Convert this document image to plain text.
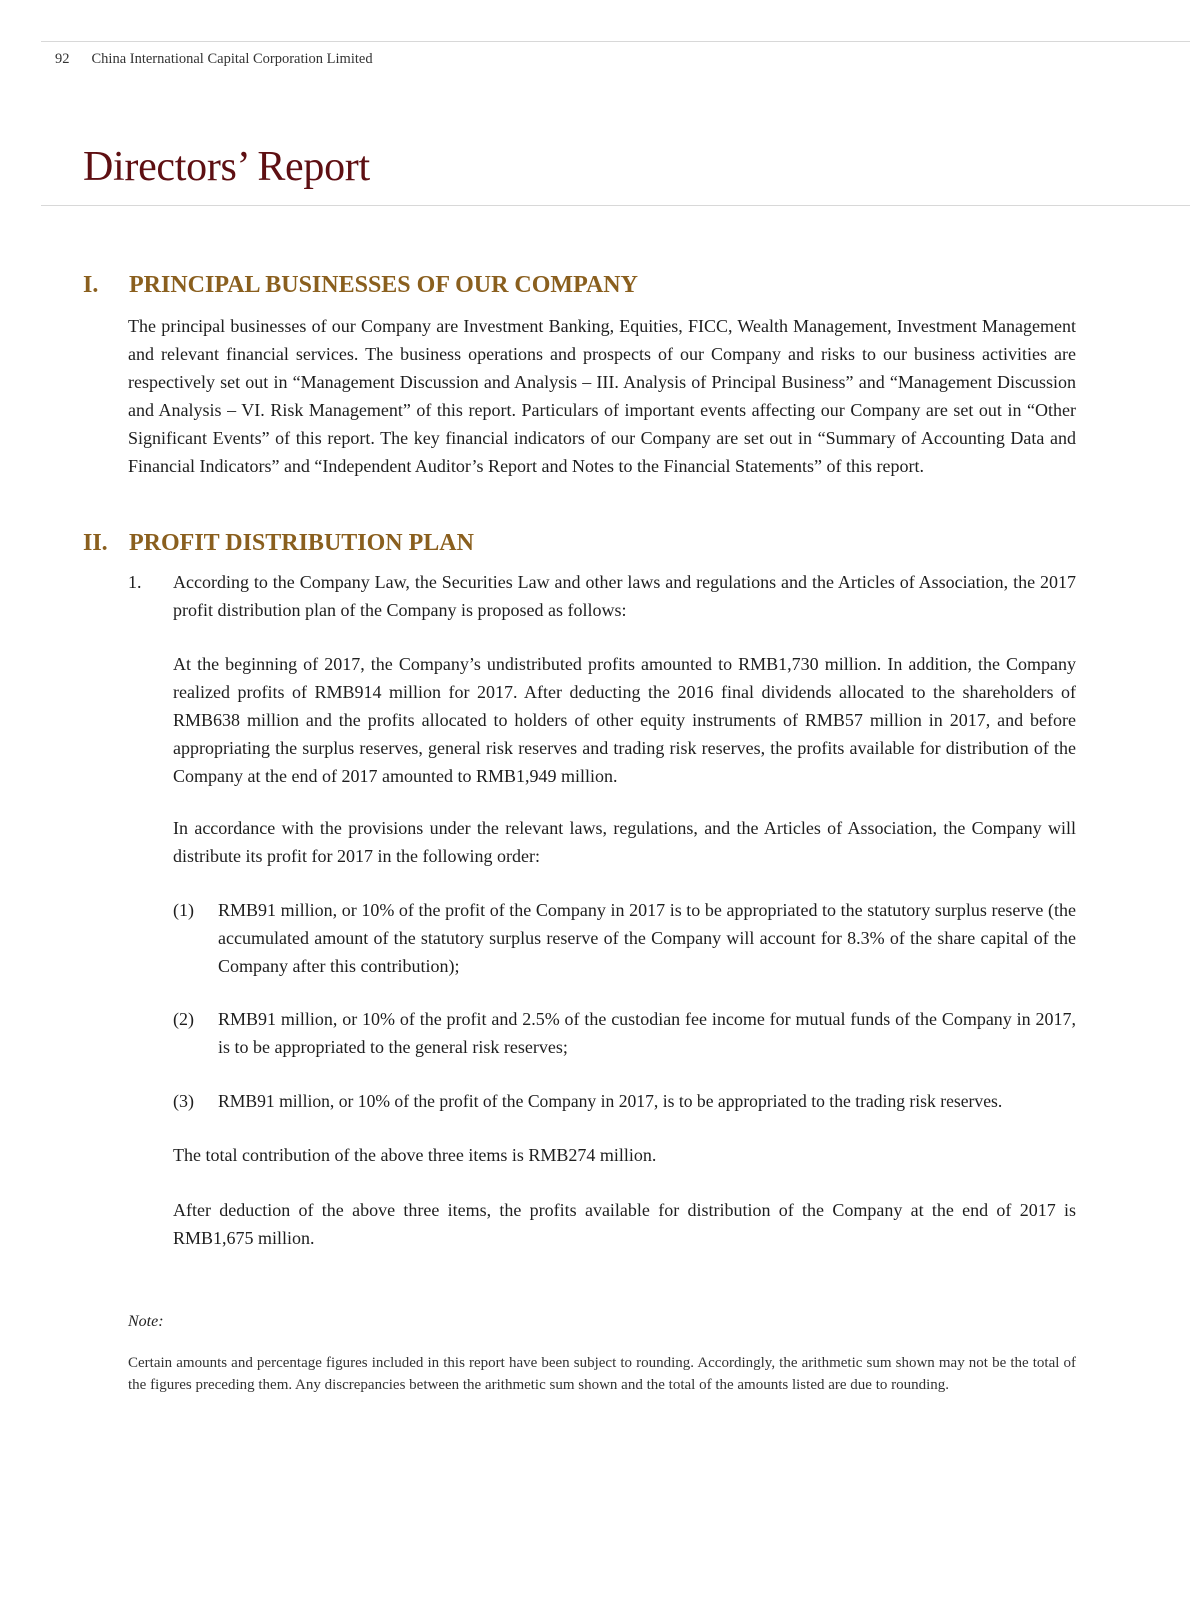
92 China International Capital Corporation Limited
Directors’ Report
I. PRINCIPAL BUSINESSES OF OUR COMPANY

The principal businesses of our Company are Investment Banking, Equities, FICC, Wealth Management, Investment Management and relevant financial services. The business operations and prospects of our Company and risks to our business activities are respectively set out in “Management Discussion and Analysis – III. Analysis of Principal Business” and “Management Discussion and Analysis – VI. Risk Management” of this report. Particulars of important events affecting our Company are set out in “Other Significant Events” of this report. The key financial indicators of our Company are set out in “Summary of Accounting Data and Financial Indicators” and “Independent Auditor’s Report and Notes to the Financial Statements” of this report.

II. PROFIT DISTRIBUTION PLAN

1. According to the Company Law, the Securities Law and other laws and regulations and the Articles of Association, the 2017 profit distribution plan of the Company is proposed as follows:

At the beginning of 2017, the Company’s undistributed profits amounted to RMB1,730 million. In addition, the Company realized profits of RMB914 million for 2017. After deducting the 2016 final dividends allocated to the shareholders of RMB638 million and the profits allocated to holders of other equity instruments of RMB57 million in 2017, and before appropriating the surplus reserves, general risk reserves and trading risk reserves, the profits available for distribution of the Company at the end of 2017 amounted to RMB1,949 million.

In accordance with the provisions under the relevant laws, regulations, and the Articles of Association, the Company will distribute its profit for 2017 in the following order:

(1) RMB91 million, or 10% of the profit of the Company in 2017 is to be appropriated to the statutory surplus reserve (the accumulated amount of the statutory surplus reserve of the Company will account for 8.3% of the share capital of the Company after this contribution);

(2) RMB91 million, or 10% of the profit and 2.5% of the custodian fee income for mutual funds of the Company in 2017, is to be appropriated to the general risk reserves;

(3) RMB91 million, or 10% of the profit of the Company in 2017, is to be appropriated to the trading risk reserves.

The total contribution of the above three items is RMB274 million.

After deduction of the above three items, the profits available for distribution of the Company at the end of 2017 is RMB1,675 million.

Note:

Certain amounts and percentage figures included in this report have been subject to rounding. Accordingly, the arithmetic sum shown may not be the total of the figures preceding them. Any discrepancies between the arithmetic sum shown and the total of the amounts listed are due to rounding.
